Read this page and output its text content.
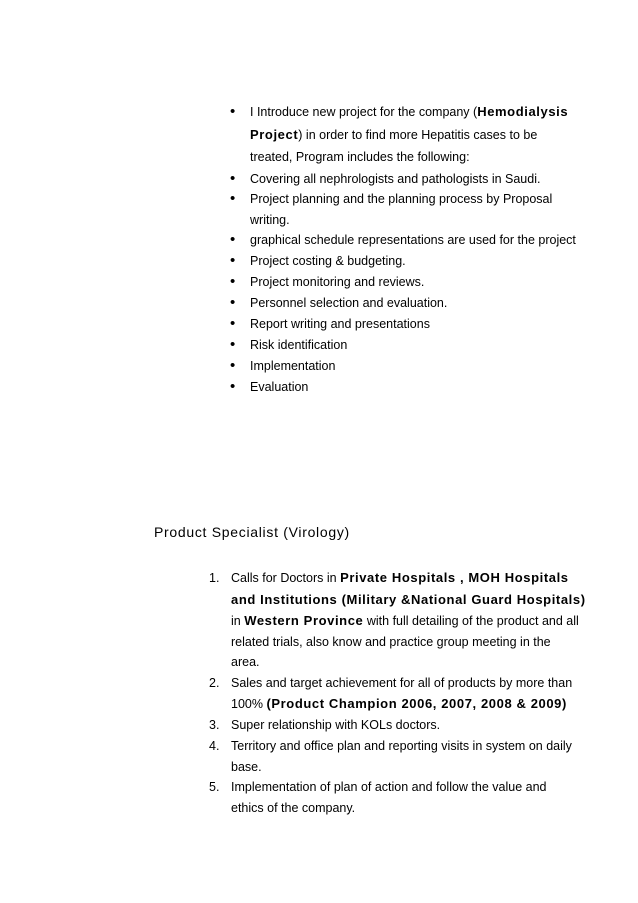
• I Introduce new project for the company (Hemodialysis
Project) in order to find more Hepatitis cases to be
treated, Program includes the following:
• Covering all nephrologists and pathologists in Saudi.
• Project planning and the planning process by Proposal
writing.
• graphical schedule representations are used for the project
• Project costing & budgeting.
• Project monitoring and reviews.
• Personnel selection and evaluation.
• Report writing and presentations
• Risk identification
• Implementation
• Evaluation
Product Specialist (Virology)
1. Calls for Doctors in Private Hospitals , MOH Hospitals
and Institutions (Military &National Guard Hospitals)
in Western Province with full detailing of the product and all
related trials, also know and practice group meeting in the
area.
2. Sales and target achievement for all of products by more than
100% (Product Champion 2006, 2007, 2008 & 2009)
3. Super relationship with KOLs doctors.
4. Territory and office plan and reporting visits in system on daily
base.
5. Implementation of plan of action and follow the value and
ethics of the company.
